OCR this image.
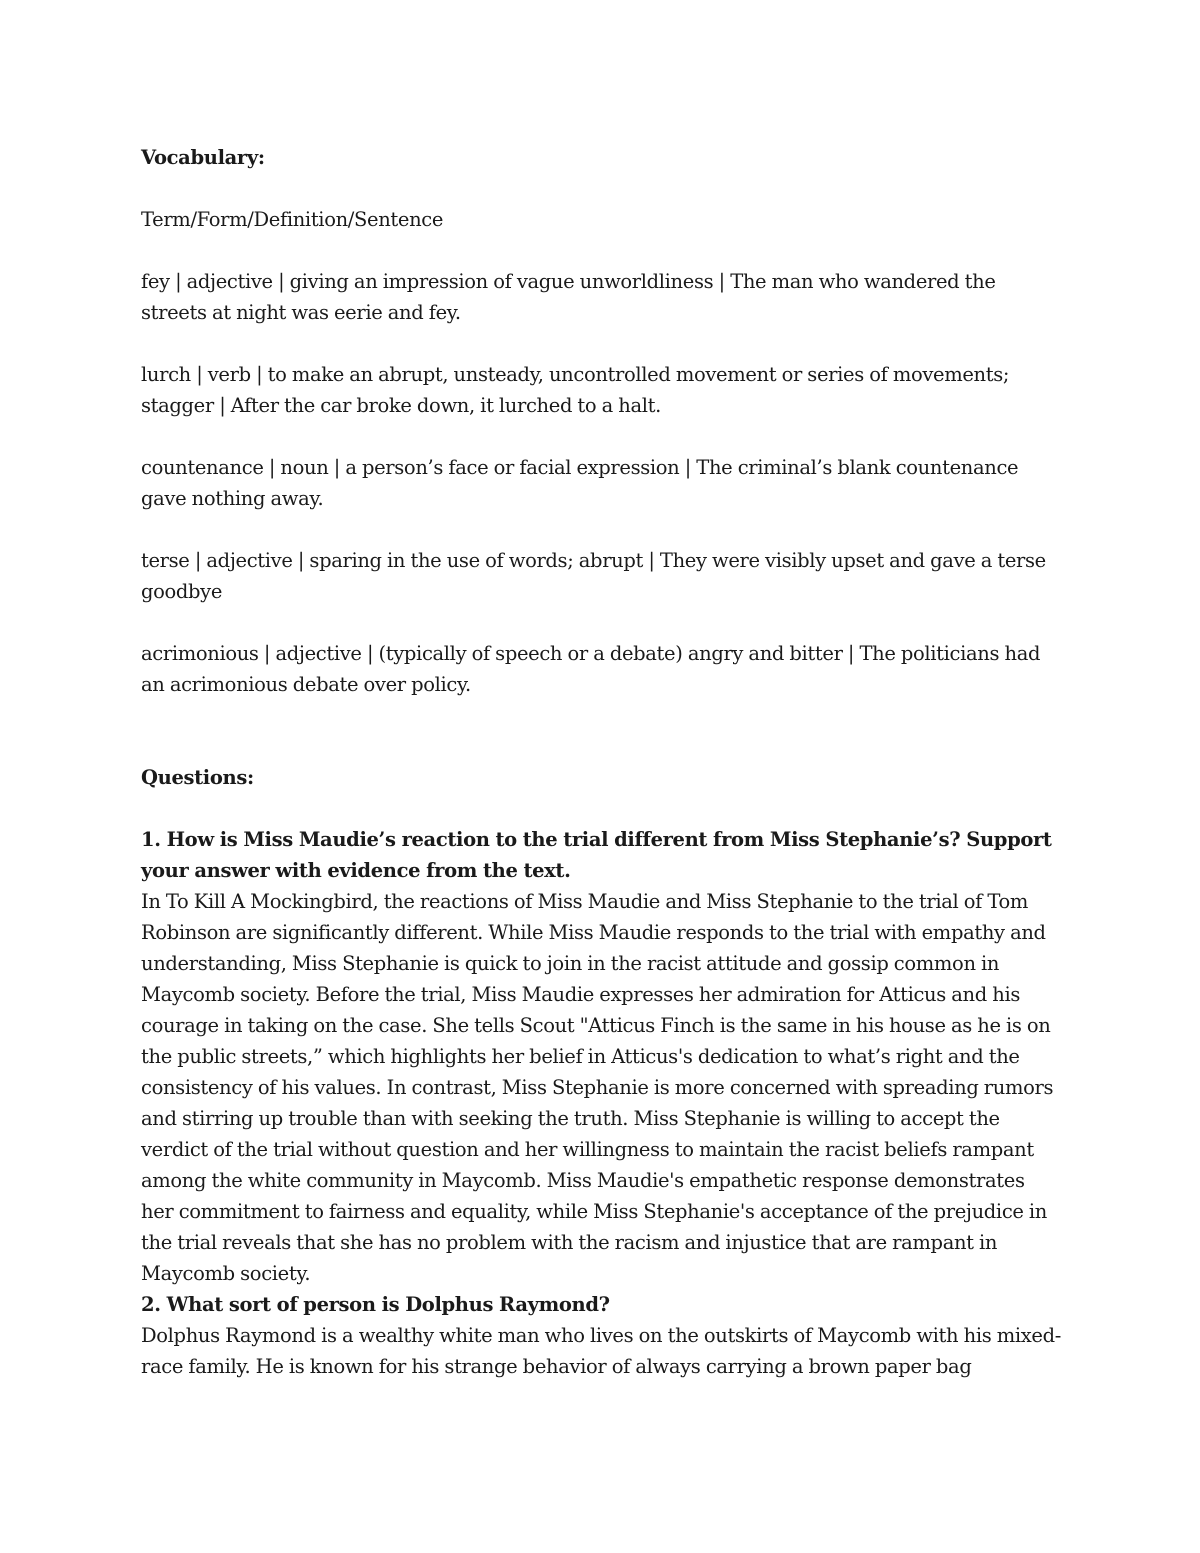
Vocabulary:

Term/Form/Definition/Sentence

fey | adjective | giving an impression of vague unworldliness | The man who wandered the streets at night was eerie and fey.

lurch | verb | to make an abrupt, unsteady, uncontrolled movement or series of movements; stagger | After the car broke down, it lurched to a halt.

countenance | noun | a person’s face or facial expression | The criminal’s blank countenance gave nothing away.

terse | adjective | sparing in the use of words; abrupt | They were visibly upset and gave a terse goodbye

acrimonious | adjective | (typically of speech or a debate) angry and bitter | The politicians had an acrimonious debate over policy.

Questions:

1. How is Miss Maudie’s reaction to the trial different from Miss Stephanie’s? Support your answer with evidence from the text.

In To Kill A Mockingbird, the reactions of Miss Maudie and Miss Stephanie to the trial of Tom Robinson are significantly different. While Miss Maudie responds to the trial with empathy and understanding, Miss Stephanie is quick to join in the racist attitude and gossip common in Maycomb society. Before the trial, Miss Maudie expresses her admiration for Atticus and his courage in taking on the case. She tells Scout "Atticus Finch is the same in his house as he is on the public streets,” which highlights her belief in Atticus's dedication to what’s right and the consistency of his values. In contrast, Miss Stephanie is more concerned with spreading rumors and stirring up trouble than with seeking the truth. Miss Stephanie is willing to accept the verdict of the trial without question and her willingness to maintain the racist beliefs rampant among the white community in Maycomb. Miss Maudie's empathetic response demonstrates her commitment to fairness and equality, while Miss Stephanie's acceptance of the prejudice in the trial reveals that she has no problem with the racism and injustice that are rampant in Maycomb society.

2. What sort of person is Dolphus Raymond?

Dolphus Raymond is a wealthy white man who lives on the outskirts of Maycomb with his mixed-race family. He is known for his strange behavior of always carrying a brown paper bag
